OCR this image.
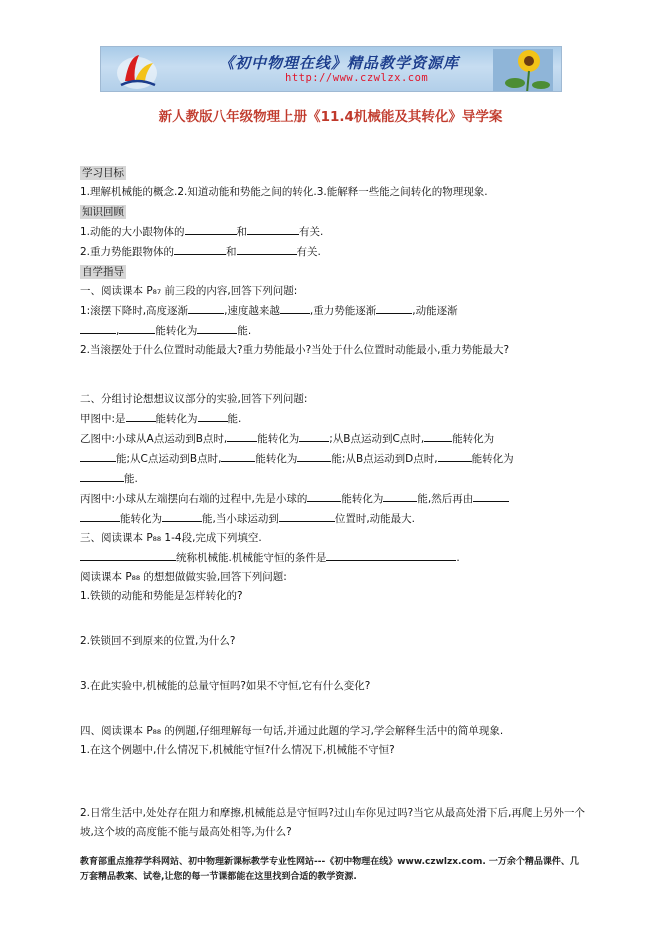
《初中物理在线》精品教学资源库
http://www.czwlzx.com
新人教版八年级物理上册《11.4机械能及其转化》导学案
学习目标
1.理解机械能的概念.2.知道动能和势能之间的转化.3.能解释一些能之间转化的物理现象.
知识回顾
1.动能的大小跟物体的	和	有关.
2.重力势能跟物体的	和	有关.
自学指导
一、阅读课本 P₈₇ 前三段的内容,回答下列问题:
1:滚摆下降时,高度逐渐	,速度越来越	,重力势能逐渐	,动能逐渐
,	能转化为	能.
2.当滚摆处于什么位置时动能最大?重力势能最小?当处于什么位置时动能最小,重力势能最大?
二、分组讨论想想议议部分的实验,回答下列问题:
甲图中:是	能转化为	能.
乙图中:小球从A点运动到B点时,	能转化为	;从B点运动到C点时,	能转化为
能;从C点运动到B点时,	能转化为	能;从B点运动到D点时,	能转化为
能.
丙图中:小球从左端摆向右端的过程中,先是小球的	能转化为	能,然后再由
能转化为	能,当小球运动到	位置时,动能最大.
三、阅读课本 P₈₈ 1-4段,完成下列填空.
统称机械能.机械能守恒的条件是	.
阅读课本 P₈₈ 的想想做做实验,回答下列问题:
1.铁锁的动能和势能是怎样转化的?
2.铁锁回不到原来的位置,为什么?
3.在此实验中,机械能的总量守恒吗?如果不守恒,它有什么变化?
四、阅读课本 P₈₈ 的例题,仔细理解每一句话,并通过此题的学习,学会解释生活中的简单现象.
1.在这个例题中,什么情况下,机械能守恒?什么情况下,机械能不守恒?
2.日常生活中,处处存在阻力和摩擦,机械能总是守恒吗?过山车你见过吗?当它从最高处滑下后,再爬上另外一个坡,这个坡的高度能不能与最高处相等,为什么?
教育部重点推荐学科网站、初中物理新课标教学专业性网站---《初中物理在线》www.czwlzx.com. 一万余个精品课件、几万套精品教案、试卷,让您的每一节课都能在这里找到合适的教学资源.
